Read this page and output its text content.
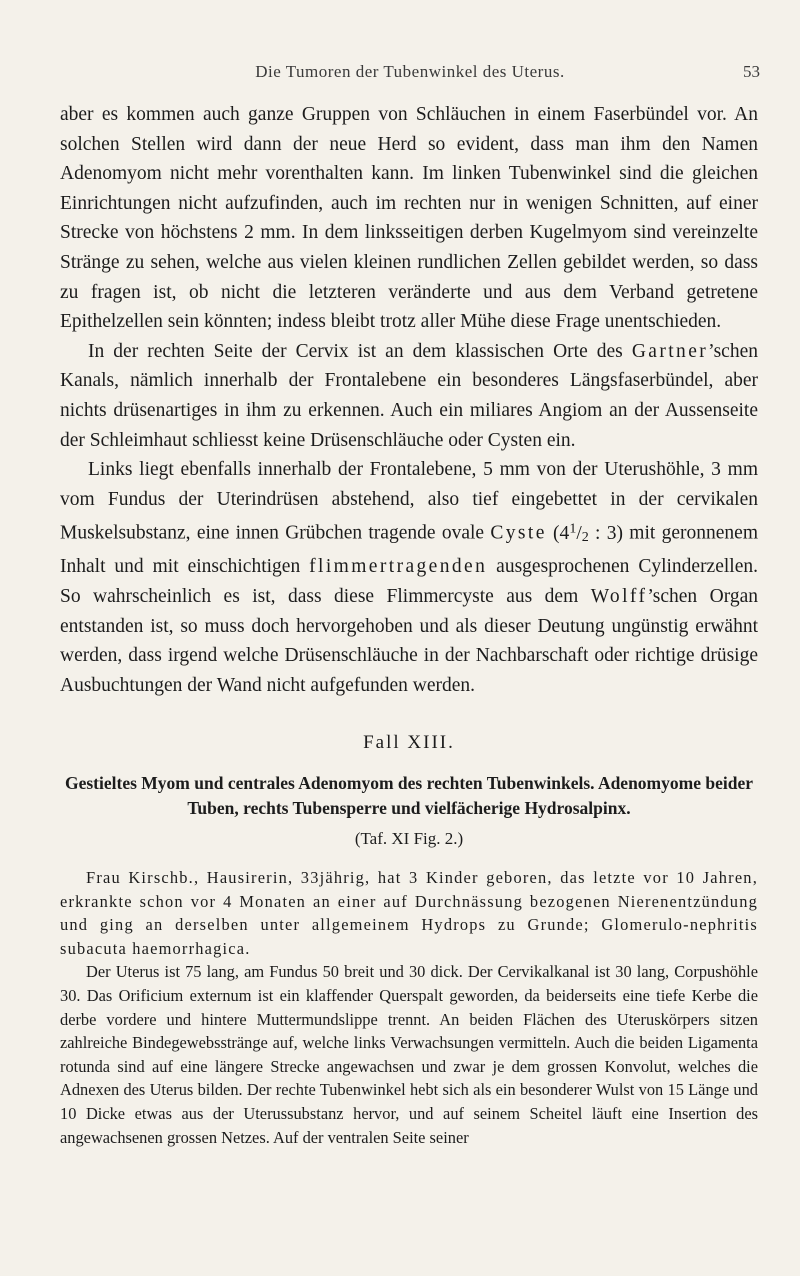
Die Tumoren der Tubenwinkel des Uterus.	53

aber es kommen auch ganze Gruppen von Schläuchen in einem Faserbündel vor. An solchen Stellen wird dann der neue Herd so evident, dass man ihm den Namen Adenomyom nicht mehr vorenthalten kann. Im linken Tubenwinkel sind die gleichen Einrichtungen nicht aufzufinden, auch im rechten nur in wenigen Schnitten, auf einer Strecke von höchstens 2 mm. In dem linksseitigen derben Kugelmyom sind vereinzelte Stränge zu sehen, welche aus vielen kleinen rundlichen Zellen gebildet werden, so dass zu fragen ist, ob nicht die letzteren veränderte und aus dem Verband getretene Epithelzellen sein könnten; indess bleibt trotz aller Mühe diese Frage unentschieden.

In der rechten Seite der Cervix ist an dem klassischen Orte des Gartner’schen Kanals, nämlich innerhalb der Frontalebene ein besonderes Längsfaserbündel, aber nichts drüsenartiges in ihm zu erkennen. Auch ein miliares Angiom an der Aussenseite der Schleimhaut schliesst keine Drüsenschläuche oder Cysten ein.

Links liegt ebenfalls innerhalb der Frontalebene, 5 mm von der Uterushöhle, 3 mm vom Fundus der Uterindrüsen abstehend, also tief eingebettet in der cervikalen Muskelsubstanz, eine innen Grübchen tragende ovale Cyste ($4^1/2$ : 3) mit geronnenem Inhalt und mit einschichtigen flimmertragenden ausgesprochenen Cylinderzellen. So wahrscheinlich es ist, dass diese Flimmercyste aus dem Wolff’schen Organ entstanden ist, so muss doch hervorgehoben und als dieser Deutung ungünstig erwähnt werden, dass irgend welche Drüsenschläuche in der Nachbarschaft oder richtige drüsige Ausbuchtungen der Wand nicht aufgefunden werden.

Fall XIII.
Gestieltes Myom und centrales Adenomyom des rechten Tubenwinkels. Adenomyome beider Tuben, rechts Tubensperre und vielfächerige Hydrosalpinx.
(Taf. XI Fig. 2.)

Frau Kirschb., Hausirerin, 33jährig, hat 3 Kinder geboren, das letzte vor 10 Jahren, erkrankte schon vor 4 Monaten an einer auf Durchnässung bezogenen Nierenentzündung und ging an derselben unter allgemeinem Hydrops zu Grunde; Glomerulo-nephritis subacuta haemorrhagica.

Der Uterus ist 75 lang, am Fundus 50 breit und 30 dick. Der Cervikalkanal ist 30 lang, Corpushöhle 30. Das Orificium externum ist ein klaffender Querspalt geworden, da beiderseits eine tiefe Kerbe die derbe vordere und hintere Muttermundslippe trennt. An beiden Flächen des Uteruskörpers sitzen zahlreiche Bindegewebsstränge auf, welche links Verwachsungen vermitteln. Auch die beiden Ligamenta rotunda sind auf eine längere Strecke angewachsen und zwar je dem grossen Konvolut, welches die Adnexen des Uterus bilden. Der rechte Tubenwinkel hebt sich als ein besonderer Wulst von 15 Länge und 10 Dicke etwas aus der Uterussubstanz hervor, und auf seinem Scheitel läuft eine Insertion des angewachsenen grossen Netzes. Auf der ventralen Seite seiner
